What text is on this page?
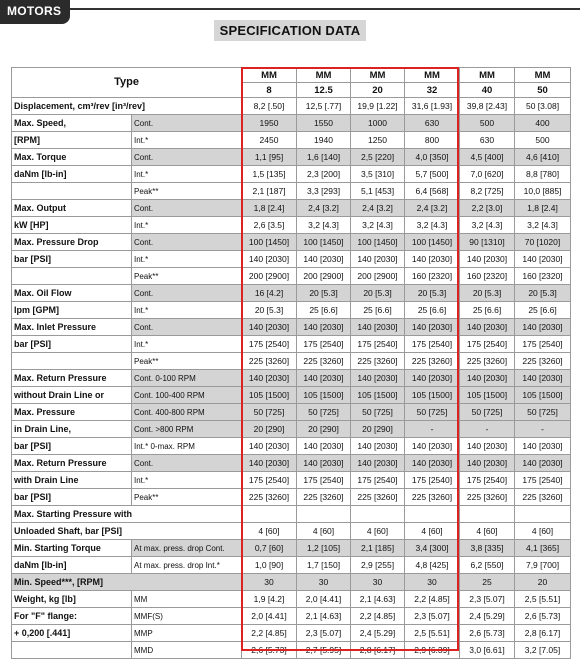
MOTORS
SPECIFICATION DATA
Type		MM	MM	MM	MM	MM	MM
		8	12.5	20	32	40	50
Displacement, cm³/rev [in³/rev]		8,2 [.50]	12,5 [.77]	19,9 [1.22]	31,6 [1.93]	39,8 [2.43]	50 [3.08]
Max. Speed,	Cont.	1950	1550	1000	630	500	400
[RPM]	Int.*	2450	1940	1250	800	630	500
Max. Torque	Cont.	1,1 [95]	1,6 [140]	2,5 [220]	4,0 [350]	4,5 [400]	4,6 [410]
daNm [lb-in]	Int.*	1,5 [135]	2,3 [200]	3,5 [310]	5,7 [500]	7,0 [620]	8,8 [780]
	Peak**	2,1 [187]	3,3 [293]	5,1 [453]	6,4 [568]	8,2 [725]	10,0 [885]
Max. Output	Cont.	1,8 [2.4]	2,4 [3.2]	2,4 [3.2]	2,4 [3.2]	2,2 [3.0]	1,8 [2.4]
kW [HP]	Int.*	2,6 [3.5]	3,2 [4.3]	3,2 [4.3]	3,2 [4.3]	3,2 [4.3]	3,2 [4.3]
Max. Pressure Drop	Cont.	100 [1450]	100 [1450]	100 [1450]	100 [1450]	90 [1310]	70 [1020]
bar [PSI]	Int.*	140 [2030]	140 [2030]	140 [2030]	140 [2030]	140 [2030]	140 [2030]
	Peak**	200 [2900]	200 [2900]	200 [2900]	160 [2320]	160 [2320]	160 [2320]
Max. Oil Flow	Cont.	16 [4.2]	20 [5.3]	20 [5.3]	20 [5.3]	20 [5.3]	20 [5.3]
lpm [GPM]	Int.*	20 [5.3]	25 [6.6]	25 [6.6]	25 [6.6]	25 [6.6]	25 [6.6]
Max. Inlet Pressure	Cont.	140 [2030]	140 [2030]	140 [2030]	140 [2030]	140 [2030]	140 [2030]
bar [PSI]	Int.*	175 [2540]	175 [2540]	175 [2540]	175 [2540]	175 [2540]	175 [2540]
	Peak**	225 [3260]	225 [3260]	225 [3260]	225 [3260]	225 [3260]	225 [3260]
Max. Return Pressure	Cont. 0-100 RPM	140 [2030]	140 [2030]	140 [2030]	140 [2030]	140 [2030]	140 [2030]
without Drain Line or	Cont. 100-400 RPM	105 [1500]	105 [1500]	105 [1500]	105 [1500]	105 [1500]	105 [1500]
Max. Pressure	Cont. 400-800 RPM	50 [725]	50 [725]	50 [725]	50 [725]	50 [725]	50 [725]
in Drain Line,	Cont. >800 RPM	20 [290]	20 [290]	20 [290]	-	-	-
bar [PSI]	Int.* 0-max. RPM	140 [2030]	140 [2030]	140 [2030]	140 [2030]	140 [2030]	140 [2030]
Max. Return Pressure	Cont.	140 [2030]	140 [2030]	140 [2030]	140 [2030]	140 [2030]	140 [2030]
with Drain Line	Int.*	175 [2540]	175 [2540]	175 [2540]	175 [2540]	175 [2540]	175 [2540]
bar [PSI]	Peak**	225 [3260]	225 [3260]	225 [3260]	225 [3260]	225 [3260]	225 [3260]
Max. Starting Pressure with							
Unloaded Shaft, bar [PSI]		4 [60]	4 [60]	4 [60]	4 [60]	4 [60]	4 [60]
Min. Starting Torque	At max. press. drop Cont.	0,7 [60]	1,2 [105]	2,1 [185]	3,4 [300]	3,8 [335]	4,1 [365]
daNm [lb-in]	At max. press. drop Int.*	1,0 [90]	1,7 [150]	2,9 [255]	4,8 [425]	6,2 [550]	7,9 [700]
Min. Speed***, [RPM]		30	30	30	30	25	20
Weight, kg [lb]	MM	1,9 [4.2]	2,0 [4.41]	2,1 [4.63]	2,2 [4.85]	2,3 [5.07]	2,5 [5.51]
For "F" flange:	MMF(S)	2,0 [4.41]	2,1 [4.63]	2,2 [4.85]	2,3 [5.07]	2,4 [5.29]	2,6 [5.73]
+ 0,200 [.441]	MMP	2,2 [4.85]	2,3 [5.07]	2,4 [5.29]	2,5 [5.51]	2,6 [5.73]	2,8 [6.17]
	MMD	2,6 [5.73]	2,7 [5.95]	2,8 [6.17]	2,9 [6.39]	3,0 [6.61]	3,2 [7.05]
